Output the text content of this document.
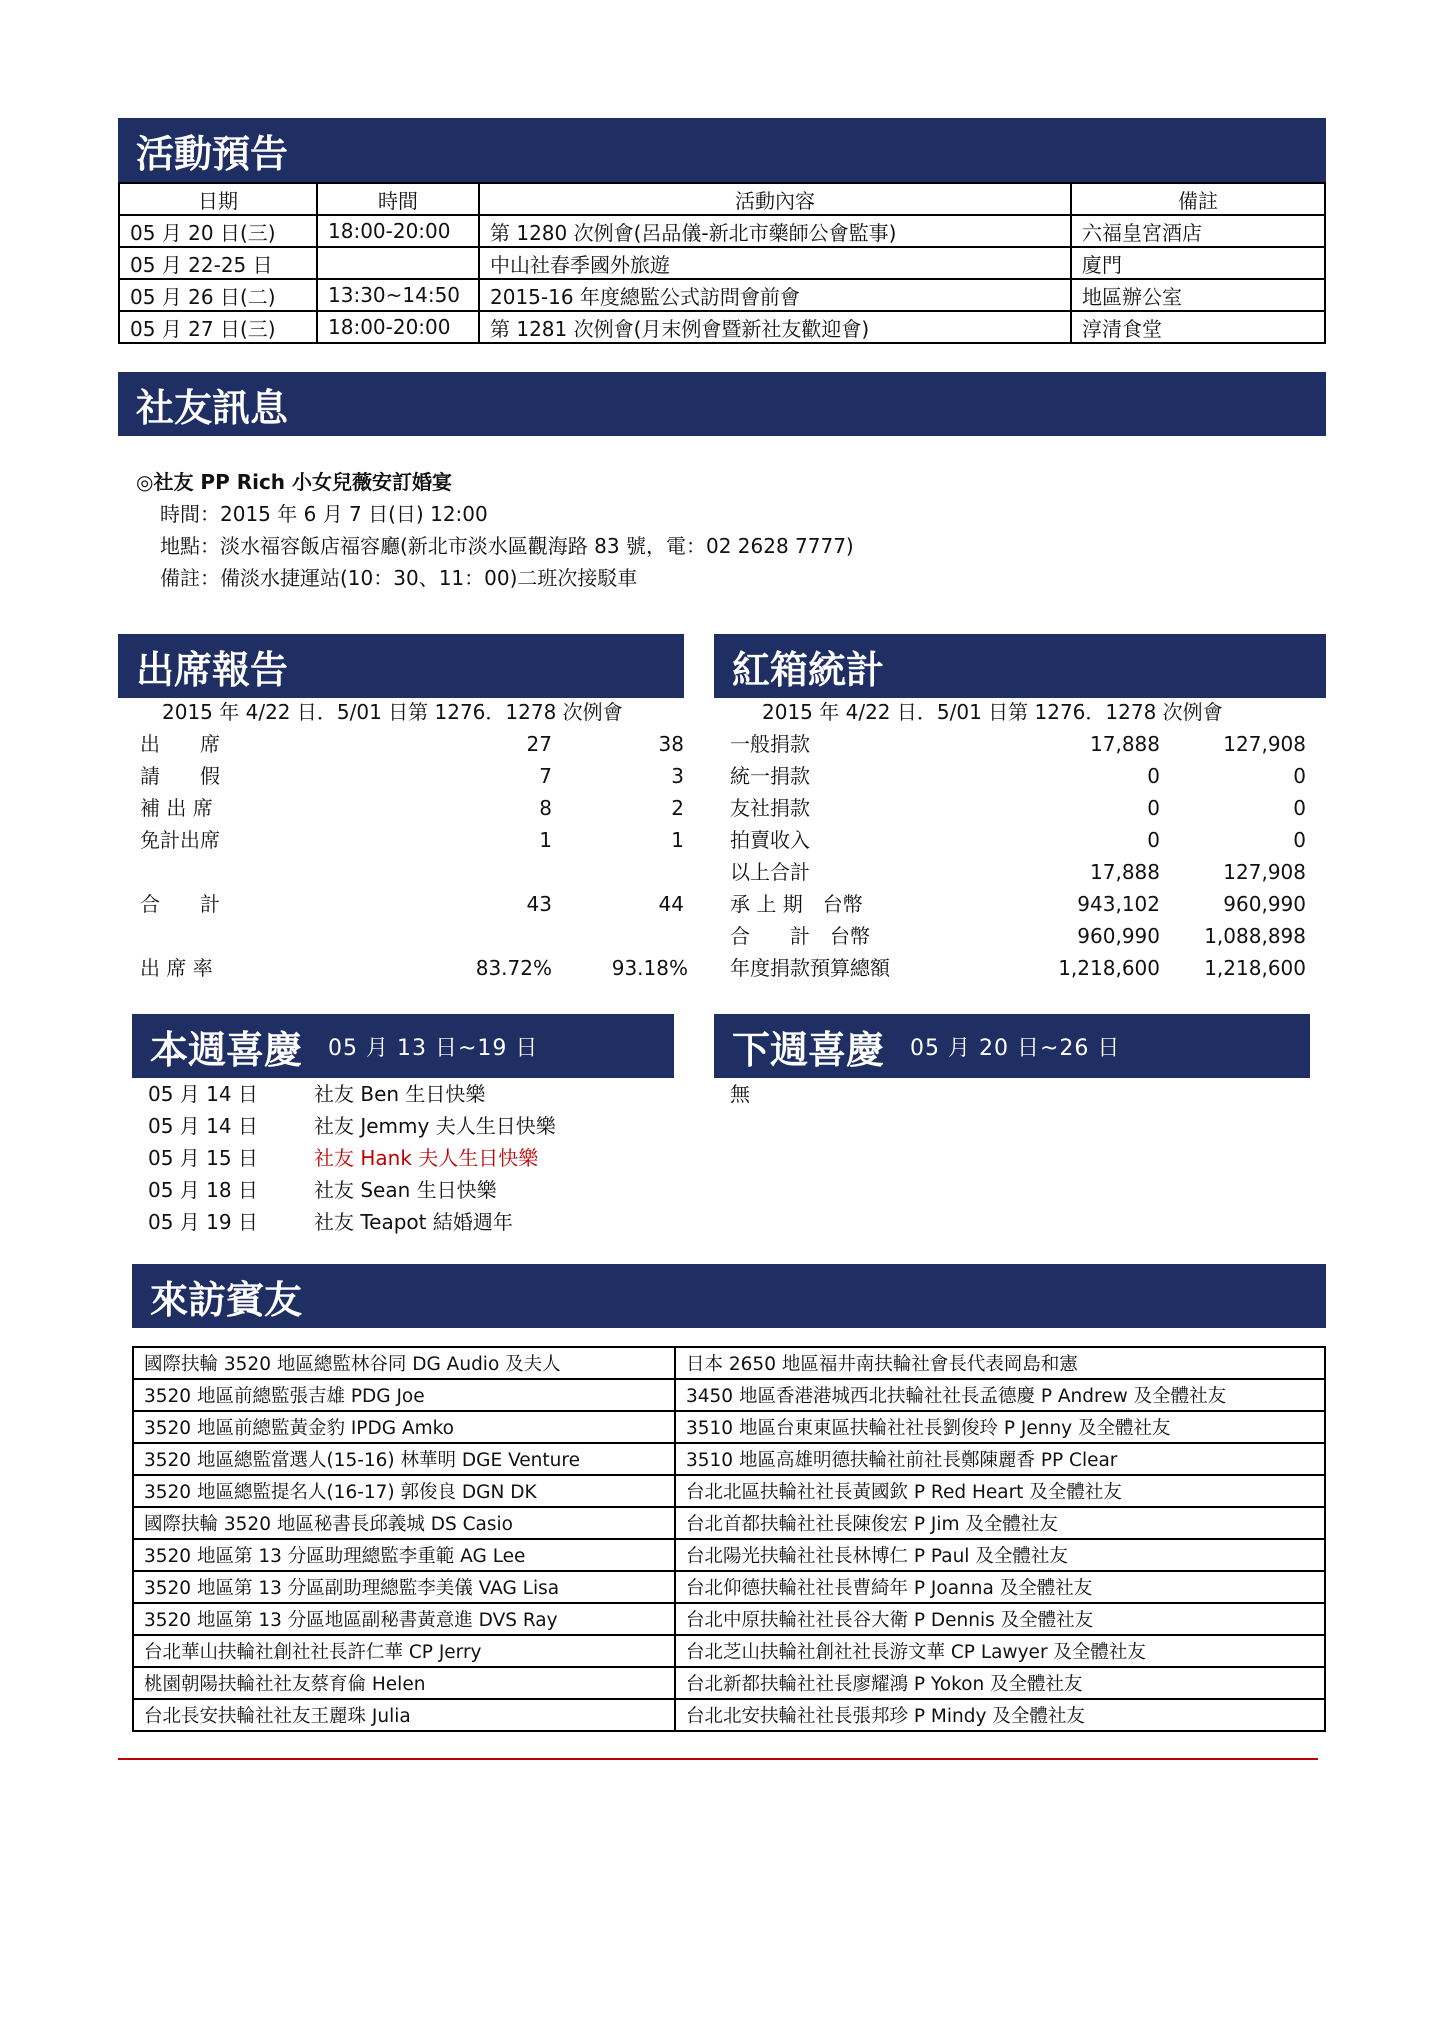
活動預告
日期	時間	活動內容	備註
05 月 20 日(三)	18:00-20:00	第 1280 次例會(呂品儀-新北市藥師公會監事)	六福皇宮酒店
05 月 22-25 日		中山社春季國外旅遊	廈門
05 月 26 日(二)	13:30~14:50	2015-16 年度總監公式訪問會前會	地區辦公室
05 月 27 日(三)	18:00-20:00	第 1281 次例會(月末例會暨新社友歡迎會)	淳清食堂
社友訊息
◎社友 PP Rich 小女兒薇安訂婚宴
時間：2015 年 6 月 7 日(日) 12:00
地點：淡水福容飯店福容廳(新北市淡水區觀海路 83 號，電：02 2628 7777)
備註：備淡水捷運站(10：30、11：00)二班次接駁車
出席報告
2015 年 4/22 日．5/01 日第 1276．1278 次例會
出　　席	27	38
請　　假	7	3
補 出 席	8	2
免計出席	1	1
合　　計	43	44
出 席 率	83.72%	93.18%
紅箱統計
2015 年 4/22 日．5/01 日第 1276．1278 次例會
一般捐款	17,888	127,908
統一捐款	0	0
友社捐款	0	0
拍賣收入	0	0
以上合計	17,888	127,908
承 上 期　台幣	943,102	960,990
合　　計　台幣	960,990	1,088,898
年度捐款預算總額	1,218,600	1,218,600
本週喜慶 05 月 13 日~19 日
05 月 14 日	社友 Ben 生日快樂
05 月 14 日	社友 Jemmy 夫人生日快樂
05 月 15 日	社友 Hank 夫人生日快樂
05 月 18 日	社友 Sean 生日快樂
05 月 19 日	社友 Teapot 結婚週年
下週喜慶 05 月 20 日~26 日
無
來訪賓友
國際扶輪 3520 地區總監林谷同 DG Audio 及夫人	日本 2650 地區福井南扶輪社會長代表岡島和憲
3520 地區前總監張吉雄 PDG Joe	3450 地區香港港城西北扶輪社社長孟德慶 P Andrew 及全體社友
3520 地區前總監黃金豹 IPDG Amko	3510 地區台東東區扶輪社社長劉俊玲 P Jenny 及全體社友
3520 地區總監當選人(15-16) 林華明 DGE Venture	3510 地區高雄明德扶輪社前社長鄭陳麗香 PP Clear
3520 地區總監提名人(16-17) 郭俊良 DGN DK	台北北區扶輪社社長黃國欽 P Red Heart 及全體社友
國際扶輪 3520 地區秘書長邱義城 DS Casio	台北首都扶輪社社長陳俊宏 P Jim 及全體社友
3520 地區第 13 分區助理總監李重範 AG Lee	台北陽光扶輪社社長林博仁 P Paul 及全體社友
3520 地區第 13 分區副助理總監李美儀 VAG Lisa	台北仰德扶輪社社長曹綺年 P Joanna 及全體社友
3520 地區第 13 分區地區副秘書黃意進 DVS Ray	台北中原扶輪社社長谷大衛 P Dennis 及全體社友
台北華山扶輪社創社社長許仁華 CP Jerry	台北芝山扶輪社創社社長游文華 CP Lawyer 及全體社友
桃園朝陽扶輪社社友蔡育倫 Helen	台北新都扶輪社社長廖耀鴻 P Yokon 及全體社友
台北長安扶輪社社友王麗珠 Julia	台北北安扶輪社社長張邦珍 P Mindy 及全體社友
